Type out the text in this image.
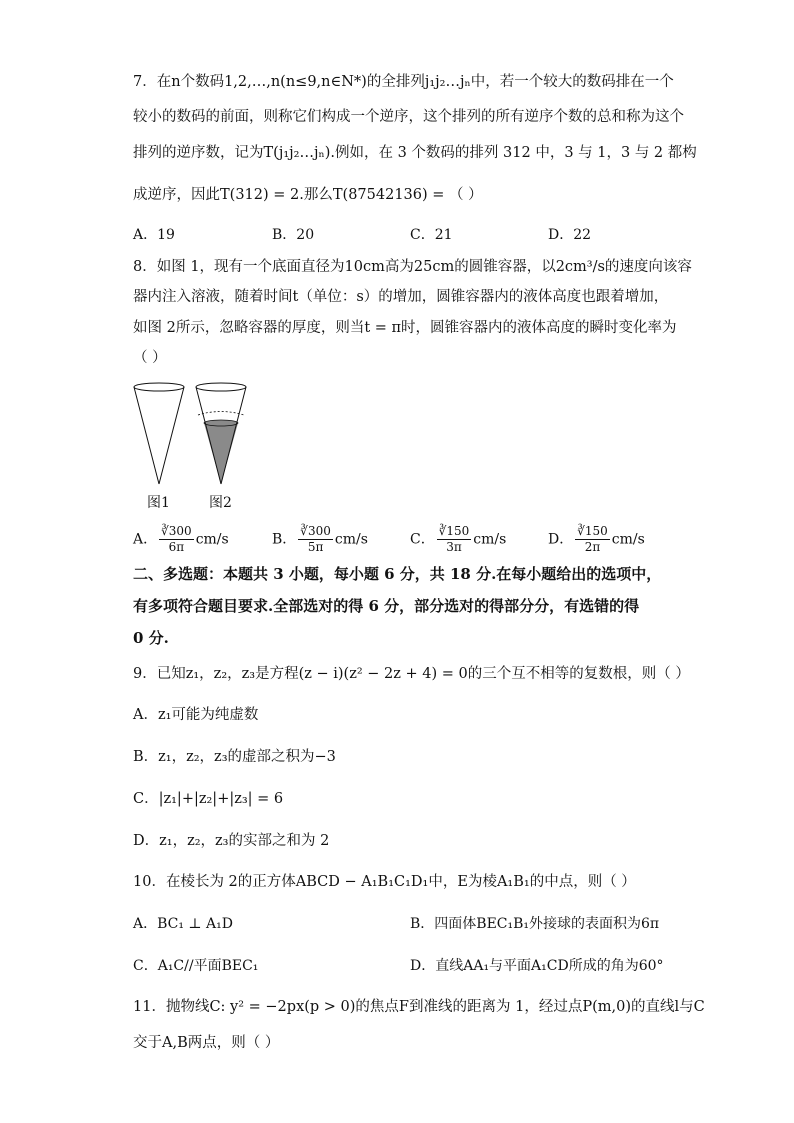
7．在n个数码1,2,…,n(n≤9,n∈N*)的全排列j₁j₂…jₙ中，若一个较大的数码排在一个
较小的数码的前面，则称它们构成一个逆序，这个排列的所有逆序个数的总和称为这个
排列的逆序数，记为T(j₁j₂…jₙ).例如，在 3 个数码的排列 312 中，3 与 1，3 与 2 都构
成逆序，因此T(312) = 2.那么T(87542136) = （ ）
A．19	B．20	C．21	D．22
8．如图 1，现有一个底面直径为10cm高为25cm的圆锥容器，以2cm³/s的速度向该容
器内注入溶液，随着时间t（单位：s）的增加，圆锥容器内的液体高度也跟着增加，
如图 2所示，忽略容器的厚度，则当t = π时，圆锥容器内的液体高度的瞬时变化率为
（ ）
图1	图2
A． $\frac{∛300}{6\pi} cm/s$	B． $\frac{∛300}{5\pi} cm/s$	C． $\frac{∛150}{3\pi} cm/s$	D． $\frac{∛150}{2\pi} cm/s$
二、多选题：本题共 3 小题，每小题 6 分，共 18 分.在每小题给出的选项中，
有多项符合题目要求.全部选对的得 6 分，部分选对的得部分分，有选错的得
0 分.
9．已知z₁，z₂，z₃是方程(z − i)(z² − 2z + 4) = 0的三个互不相等的复数根，则（ ）
A．z₁可能为纯虚数
B．z₁，z₂，z₃的虚部之积为−3
C．|z₁|+|z₂|+|z₃| = 6
D．z₁，z₂，z₃的实部之和为 2
10．在棱长为 2的正方体ABCD − A₁B₁C₁D₁中，E为棱A₁B₁的中点，则（ ）
A．BC₁ ⊥ A₁D	B．四面体BEC₁B₁外接球的表面积为6π
C．A₁C//平面BEC₁	D．直线AA₁与平面A₁CD所成的角为60°
11．抛物线C: y² = −2px(p > 0)的焦点F到准线的距离为 1，经过点P(m,0)的直线l与C
交于A,B两点，则（ ）
